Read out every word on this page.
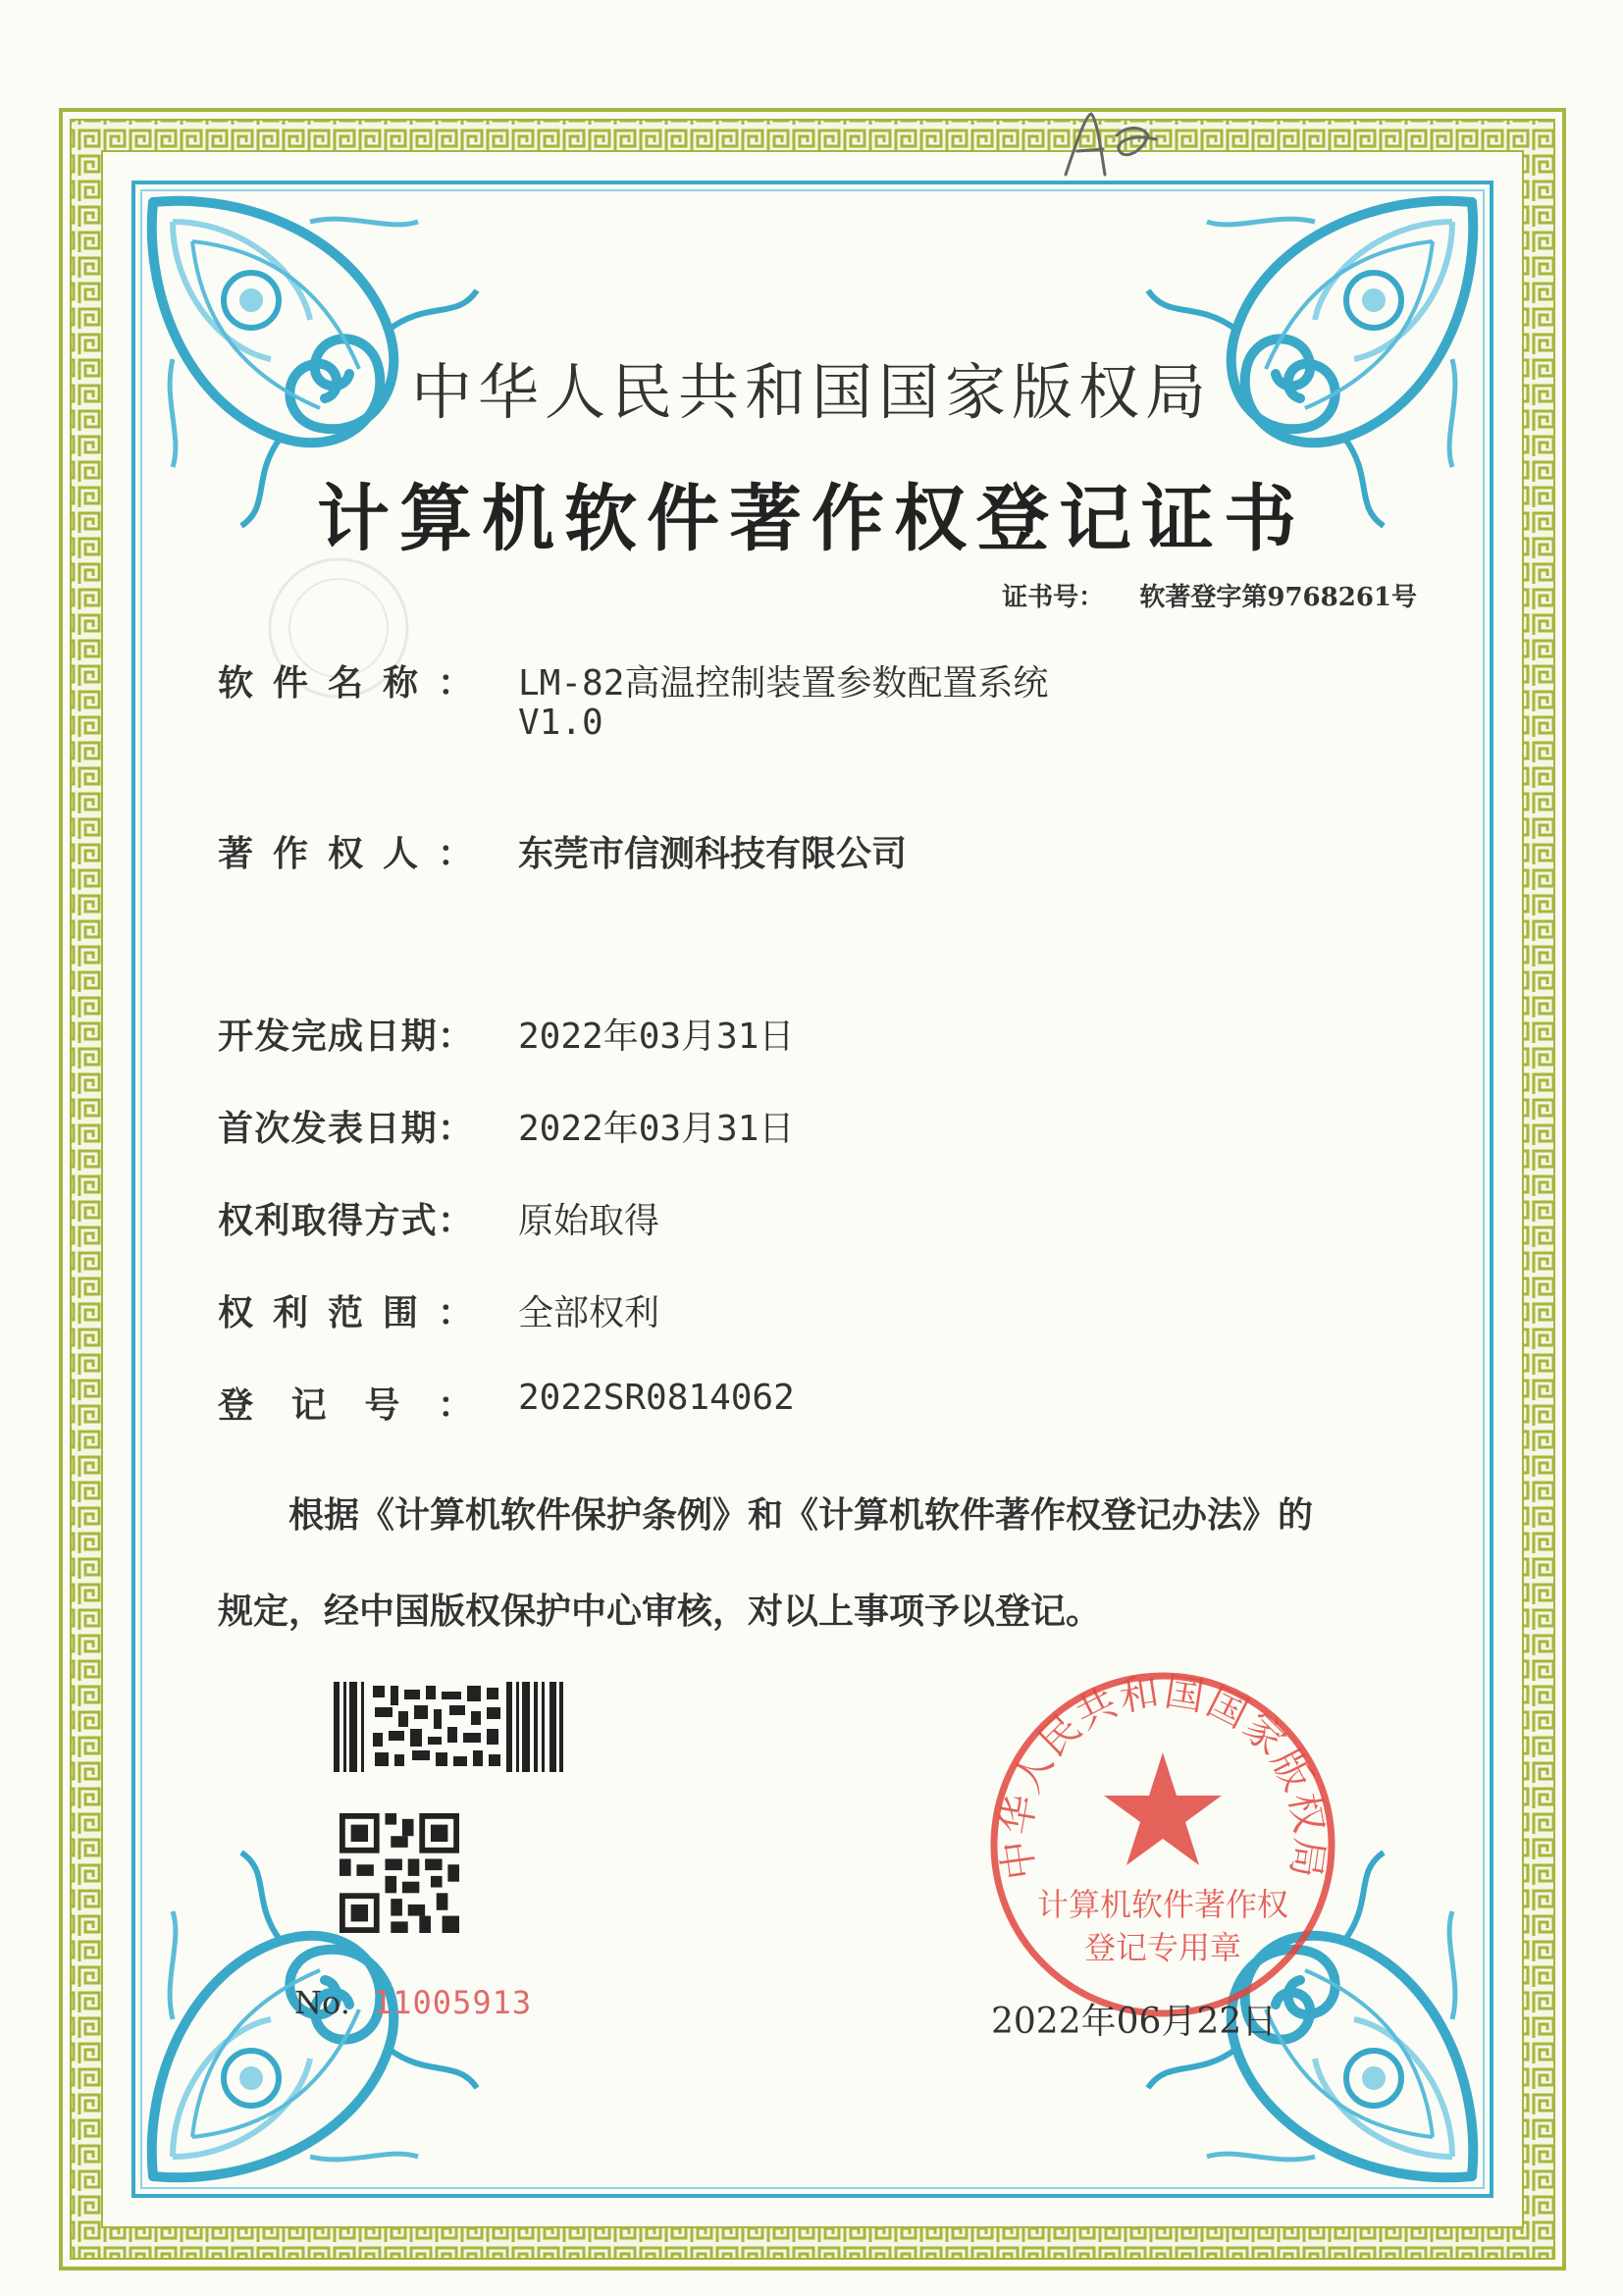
中华人民共和国国家版权局
计算机软件著作权登记证书
证书号： 软著登字第9768261号
软件名称： LM-82高温控制装置参数配置系统
V1.0
著作权人： 东莞市信测科技有限公司
开发完成日期： 2022年03月31日
首次发表日期： 2022年03月31日
权利取得方式： 原始取得
权利范围： 全部权利
登记号： 2022SR0814062
根据《计算机软件保护条例》和《计算机软件著作权登记办法》的
规定，经中国版权保护中心审核，对以上事项予以登记。
No. 11005913
中华人民共和国国家版权局
计算机软件著作权
登记专用章
2022年06月22日
